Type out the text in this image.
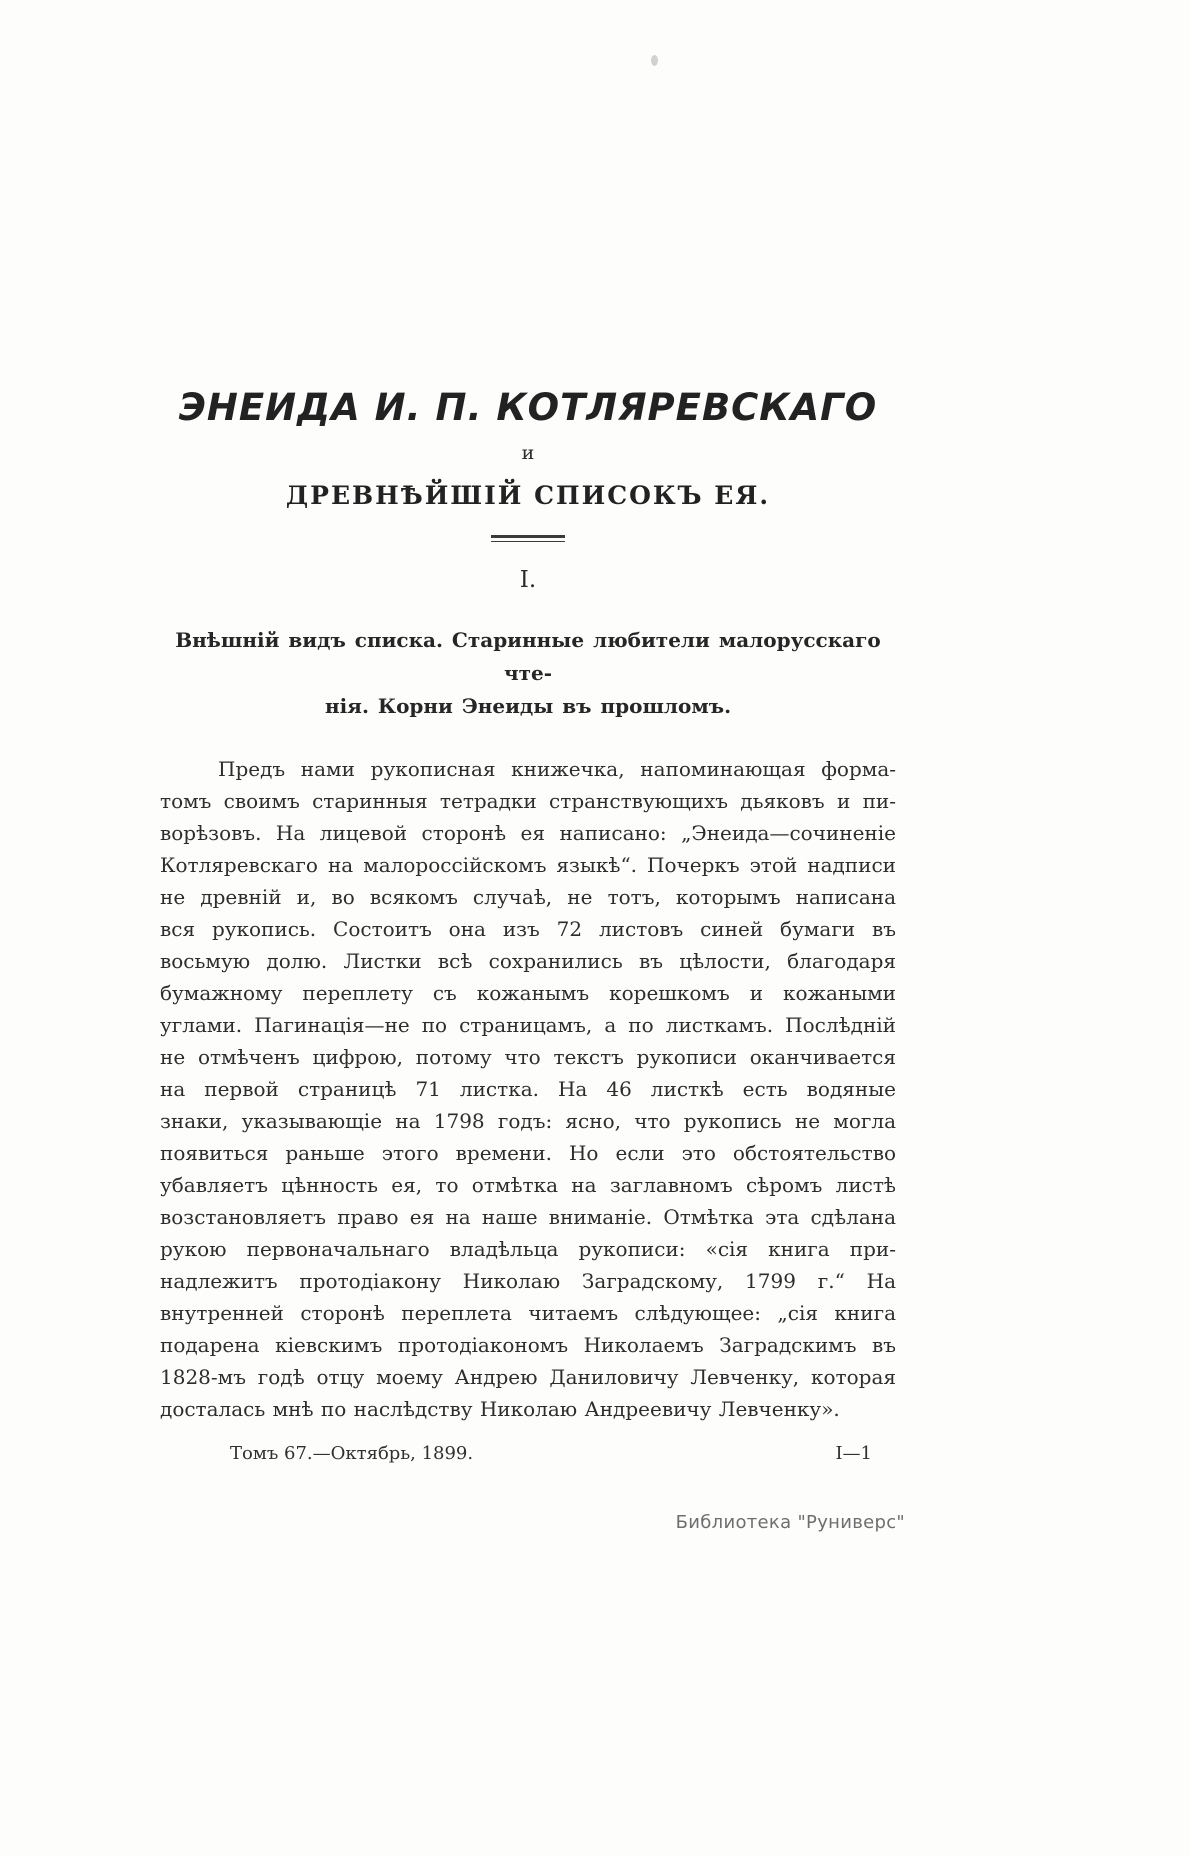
ЭНЕИДА И. П. КОТЛЯРЕВСКАГО
и
ДРЕВНѢЙШІЙ СПИСОКЪ ЕЯ.
I.
Внѣшній видъ списка. Старинные любители малорусскаго чте-
нія. Корни Энеиды въ прошломъ.
Предъ нами рукописная книжечка, напоминающая форма-
томъ своимъ старинныя тетрадки странствующихъ дьяковъ и пи-
ворѣзовъ. На лицевой сторонѣ ея написано: „Энеида—сочиненіе
Котляревскаго на малороссійскомъ языкѣ“. Почеркъ этой надписи
не древній и, во всякомъ случаѣ, не тотъ, которымъ написана
вся рукопись. Состоитъ она изъ 72 листовъ синей бумаги въ
восьмую долю. Листки всѣ сохранились въ цѣлости, благодаря
бумажному переплету съ кожанымъ корешкомъ и кожаными
углами. Пагинація—не по страницамъ, а по листкамъ. Послѣдній
не отмѣченъ цифрою, потому что текстъ рукописи оканчивается
на первой страницѣ 71 листка. На 46 листкѣ есть водяные
знаки, указывающіе на 1798 годъ: ясно, что рукопись не могла
появиться раньше этого времени. Но если это обстоятельство
убавляетъ цѣнность ея, то отмѣтка на заглавномъ сѣромъ листѣ
возстановляетъ право ея на наше вниманіе. Отмѣтка эта сдѣлана
рукою первоначальнаго владѣльца рукописи: «сія книга при-
надлежитъ протодіакону Николаю Заградскому, 1799 г.“ На
внутренней сторонѣ переплета читаемъ слѣдующее: „сія книга
подарена кіевскимъ протодіакономъ Николаемъ Заградскимъ въ
1828-мъ годѣ отцу моему Андрею Даниловичу Левченку, которая
досталась мнѣ по наслѣдству Николаю Андреевичу Левченку».
Томъ 67.—Октябрь, 1899.	I—1
Библиотека "Руниверс"
